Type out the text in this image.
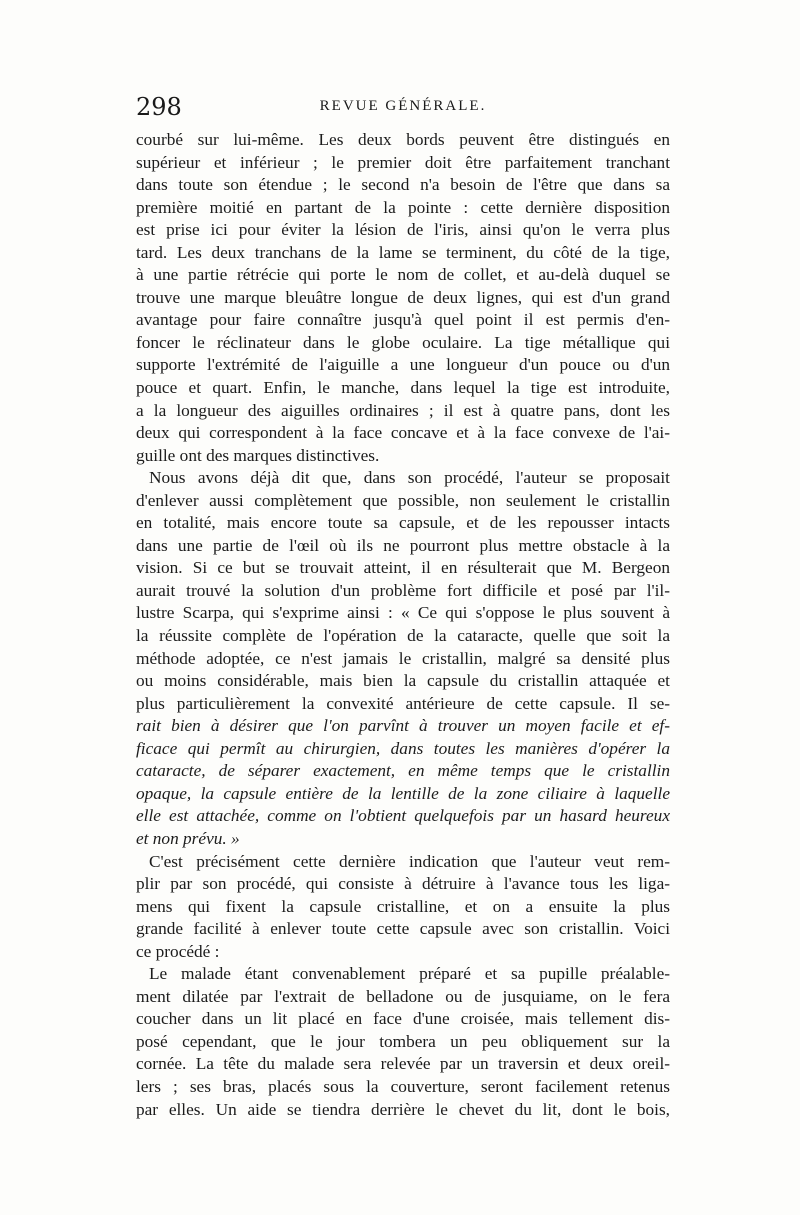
298	REVUE GÉNÉRALE.

courbé sur lui-même. Les deux bords peuvent être distingués en

supérieur et inférieur ; le premier doit être parfaitement tranchant

dans toute son étendue ; le second n'a besoin de l'être que dans sa

première moitié en partant de la pointe : cette dernière disposition

est prise ici pour éviter la lésion de l'iris, ainsi qu'on le verra plus

tard. Les deux tranchans de la lame se terminent, du côté de la tige,

à une partie rétrécie qui porte le nom de collet, et au-delà duquel se

trouve une marque bleuâtre longue de deux lignes, qui est d'un grand

avantage pour faire connaître jusqu'à quel point il est permis d'en-

foncer le réclinateur dans le globe oculaire. La tige métallique qui

supporte l'extrémité de l'aiguille a une longueur d'un pouce ou d'un

pouce et quart. Enfin, le manche, dans lequel la tige est introduite,

a la longueur des aiguilles ordinaires ; il est à quatre pans, dont les

deux qui correspondent à la face concave et à la face convexe de l'ai-

guille ont des marques distinctives.

Nous avons déjà dit que, dans son procédé, l'auteur se proposait

d'enlever aussi complètement que possible, non seulement le cristallin

en totalité, mais encore toute sa capsule, et de les repousser intacts

dans une partie de l'œil où ils ne pourront plus mettre obstacle à la

vision. Si ce but se trouvait atteint, il en résulterait que M. Bergeon

aurait trouvé la solution d'un problème fort difficile et posé par l'il-

lustre Scarpa, qui s'exprime ainsi : « Ce qui s'oppose le plus souvent à

la réussite complète de l'opération de la cataracte, quelle que soit la

méthode adoptée, ce n'est jamais le cristallin, malgré sa densité plus

ou moins considérable, mais bien la capsule du cristallin attaquée et

plus particulièrement la convexité antérieure de cette capsule. Il se-

rait bien à désirer que l'on parvînt à trouver un moyen facile et ef-

ficace qui permît au chirurgien, dans toutes les manières d'opérer la

cataracte, de séparer exactement, en même temps que le cristallin

opaque, la capsule entière de la lentille de la zone ciliaire à laquelle

elle est attachée, comme on l'obtient quelquefois par un hasard heureux

et non prévu. »

C'est précisément cette dernière indication que l'auteur veut rem-

plir par son procédé, qui consiste à détruire à l'avance tous les liga-

mens qui fixent la capsule cristalline, et on a ensuite la plus

grande facilité à enlever toute cette capsule avec son cristallin. Voici

ce procédé :

Le malade étant convenablement préparé et sa pupille préalable-

ment dilatée par l'extrait de belladone ou de jusquiame, on le fera

coucher dans un lit placé en face d'une croisée, mais tellement dis-

posé cependant, que le jour tombera un peu obliquement sur la

cornée. La tête du malade sera relevée par un traversin et deux oreil-

lers ; ses bras, placés sous la couverture, seront facilement retenus

par elles. Un aide se tiendra derrière le chevet du lit, dont le bois,
